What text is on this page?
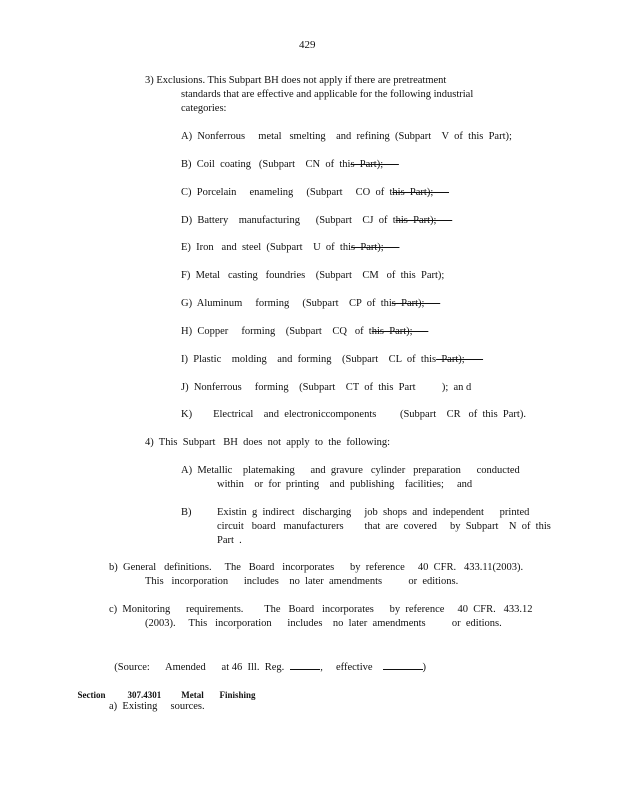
429
3) Exclusions. This Subpart BH does not apply if there are pretreatment
standards that are effective and applicable for the following industrial
categories:
A)  Nonferrous     metal   smelting    and  refining  (Subpart    V  of  this  Part);
B)  Coil  coating   (Subpart    CN  of  this  Part);
C)  Porcelain     enameling     (Subpart     CO  of  this  Part);
D)  Battery    manufacturing      (Subpart    CJ  of  this  Part);
E)  Iron   and  steel  (Subpart    U  of  this  Part);
F)  Metal   casting   foundries    (Subpart    CM   of  this  Part);
G)  Aluminum     forming     (Subpart    CP  of  this  Part);
H)  Copper     forming    (Subpart    CQ   of  this  Part);
I)  Plastic    molding    and  forming    (Subpart    CL  of  this  Part);
J)  Nonferrous     forming    (Subpart    CT  of  this  Part          );  an d
K)        Electrical    and  electroniccomponents         (Subpart    CR   of  this  Part).
4)  This  Subpart   BH  does  not  apply  to  the  following:
A)  Metallic    platemaking      and  gravure   cylinder   preparation      conducted
within    or  for  printing    and  publishing    facilities;     and
B) Existin  g  indirect   discharging     job  shops  and  independent      printed
circuit   board   manufacturers        that  are  covered     by  Subpart    N  of  this
Part  .
b)  General   definitions.     The   Board   incorporates      by  reference     40  CFR.   433.11(2003).
This   incorporation      includes    no  later  amendments          or  editions.
c)  Monitoring      requirements.        The   Board   incorporates      by  reference     40  CFR.   433.12
(2003).     This   incorporation      includes    no  later  amendments          or  editions.

(Source:      Amended      at 46  Ill.  Reg.	,     effective	)

Section 307.4301 Metal       Finishing

a)  Existing     sources.
